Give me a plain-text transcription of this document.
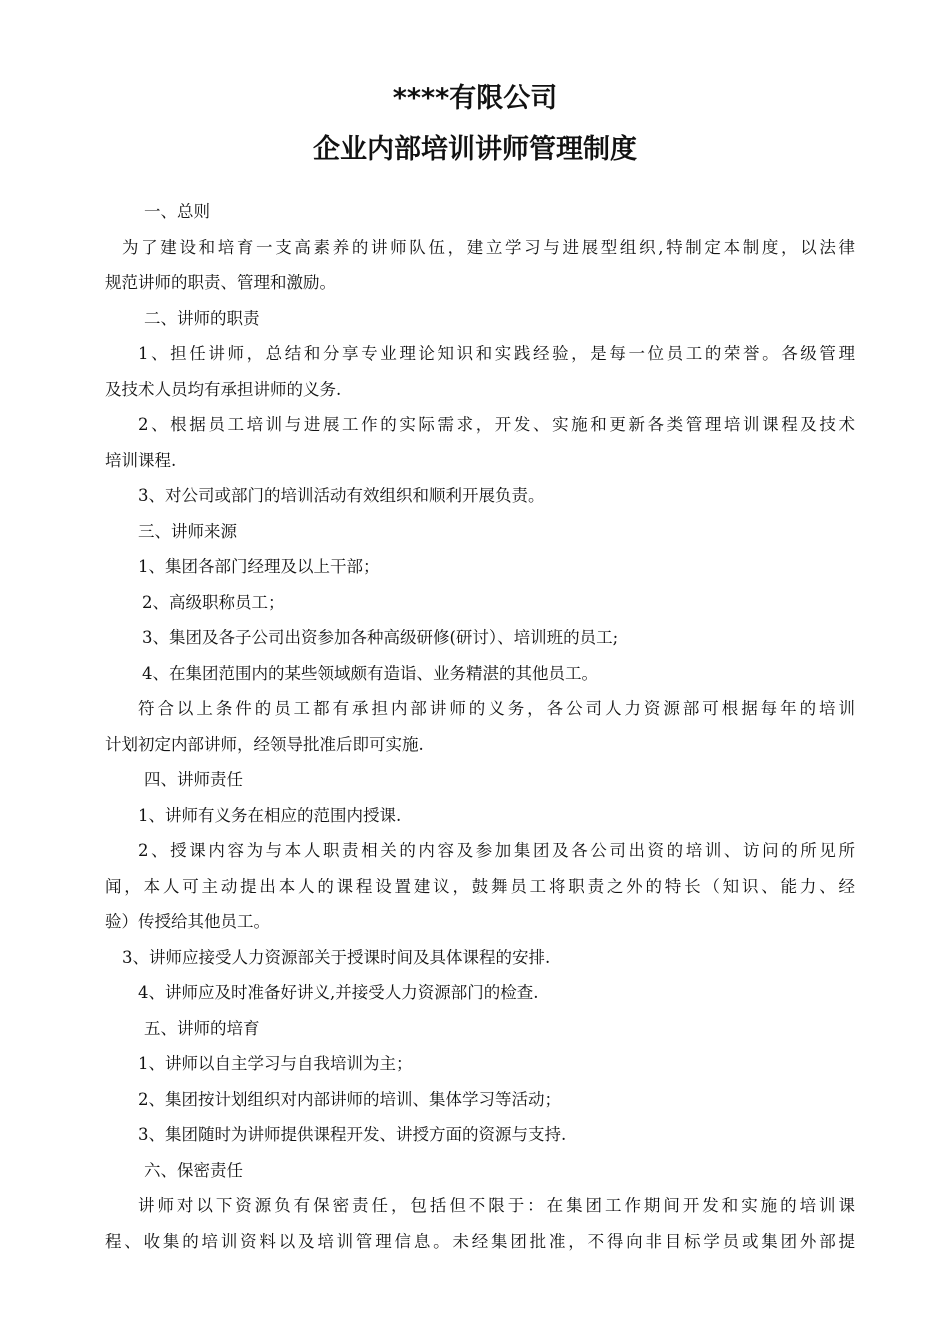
****有限公司
企业内部培训讲师管理制度
一、总则
为了建设和培育一支高素养的讲师队伍，建立学习与进展型组织,特制定本制度，以法律
规范讲师的职责、管理和激励。
二、讲师的职责
1、担任讲师，总结和分享专业理论知识和实践经验，是每一位员工的荣誉。各级管理
及技术人员均有承担讲师的义务.
2、根据员工培训与进展工作的实际需求，开发、实施和更新各类管理培训课程及技术
培训课程.
3、对公司或部门的培训活动有效组织和顺利开展负责。
三、讲师来源
1、集团各部门经理及以上干部；
2、高级职称员工；
3、集团及各子公司出资参加各种高级研修(研讨）、培训班的员工;
4、在集团范围内的某些领域颇有造诣、业务精湛的其他员工。
符合以上条件的员工都有承担内部讲师的义务，各公司人力资源部可根据每年的培训
计划初定内部讲师，经领导批准后即可实施.
四、讲师责任
1、讲师有义务在相应的范围内授课.
2、授课内容为与本人职责相关的内容及参加集团及各公司出资的培训、访问的所见所
闻，本人可主动提出本人的课程设置建议，鼓舞员工将职责之外的特长（知识、能力、经
验）传授给其他员工。
3、讲师应接受人力资源部关于授课时间及具体课程的安排.
4、讲师应及时准备好讲义,并接受人力资源部门的检查.
五、讲师的培育
1、讲师以自主学习与自我培训为主；
2、集团按计划组织对内部讲师的培训、集体学习等活动；
3、集团随时为讲师提供课程开发、讲授方面的资源与支持.
六、保密责任
讲师对以下资源负有保密责任，包括但不限于：在集团工作期间开发和实施的培训课
程、收集的培训资料以及培训管理信息。未经集团批准，不得向非目标学员或集团外部提
